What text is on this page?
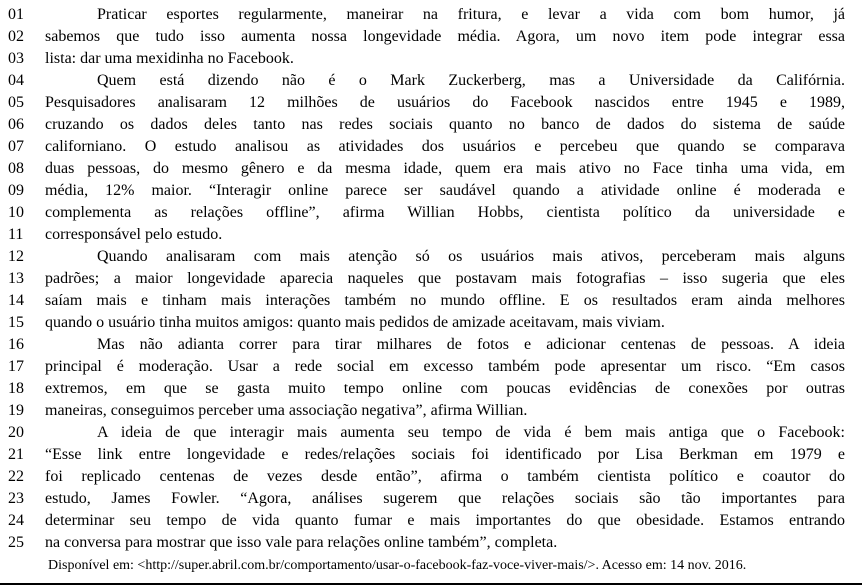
01	Praticar esportes regularmente, maneirar na fritura, e levar a vida com bom humor, já
02	sabemos que tudo isso aumenta nossa longevidade média. Agora, um novo item pode integrar essa
03	lista: dar uma mexidinha no Facebook.
04	Quem está dizendo não é o Mark Zuckerberg, mas a Universidade da Califórnia.
05	Pesquisadores analisaram 12 milhões de usuários do Facebook nascidos entre 1945 e 1989,
06	cruzando os dados deles tanto nas redes sociais quanto no banco de dados do sistema de saúde
07	californiano. O estudo analisou as atividades dos usuários e percebeu que quando se comparava
08	duas pessoas, do mesmo gênero e da mesma idade, quem era mais ativo no Face tinha uma vida, em
09	média, 12% maior. “Interagir online parece ser saudável quando a atividade online é moderada e
10	complementa as relações offline”, afirma Willian Hobbs, cientista político da universidade e
11	corresponsável pelo estudo.
12	Quando analisaram com mais atenção só os usuários mais ativos, perceberam mais alguns
13	padrões; a maior longevidade aparecia naqueles que postavam mais fotografias – isso sugeria que eles
14	saíam mais e tinham mais interações também no mundo offline. E os resultados eram ainda melhores
15	quando o usuário tinha muitos amigos: quanto mais pedidos de amizade aceitavam, mais viviam.
16	Mas não adianta correr para tirar milhares de fotos e adicionar centenas de pessoas. A ideia
17	principal é moderação. Usar a rede social em excesso também pode apresentar um risco. “Em casos
18	extremos, em que se gasta muito tempo online com poucas evidências de conexões por outras
19	maneiras, conseguimos perceber uma associação negativa”, afirma Willian.
20	A ideia de que interagir mais aumenta seu tempo de vida é bem mais antiga que o Facebook:
21	“Esse link entre longevidade e redes/relações sociais foi identificado por Lisa Berkman em 1979 e
22	foi replicado centenas de vezes desde então”, afirma o também cientista político e coautor do
23	estudo, James Fowler. “Agora, análises sugerem que relações sociais são tão importantes para
24	determinar seu tempo de vida quanto fumar e mais importantes do que obesidade. Estamos entrando
25	na conversa para mostrar que isso vale para relações online também”, completa.
Disponível em: <http://super.abril.com.br/comportamento/usar-o-facebook-faz-voce-viver-mais/>. Acesso em: 14 nov. 2016.
